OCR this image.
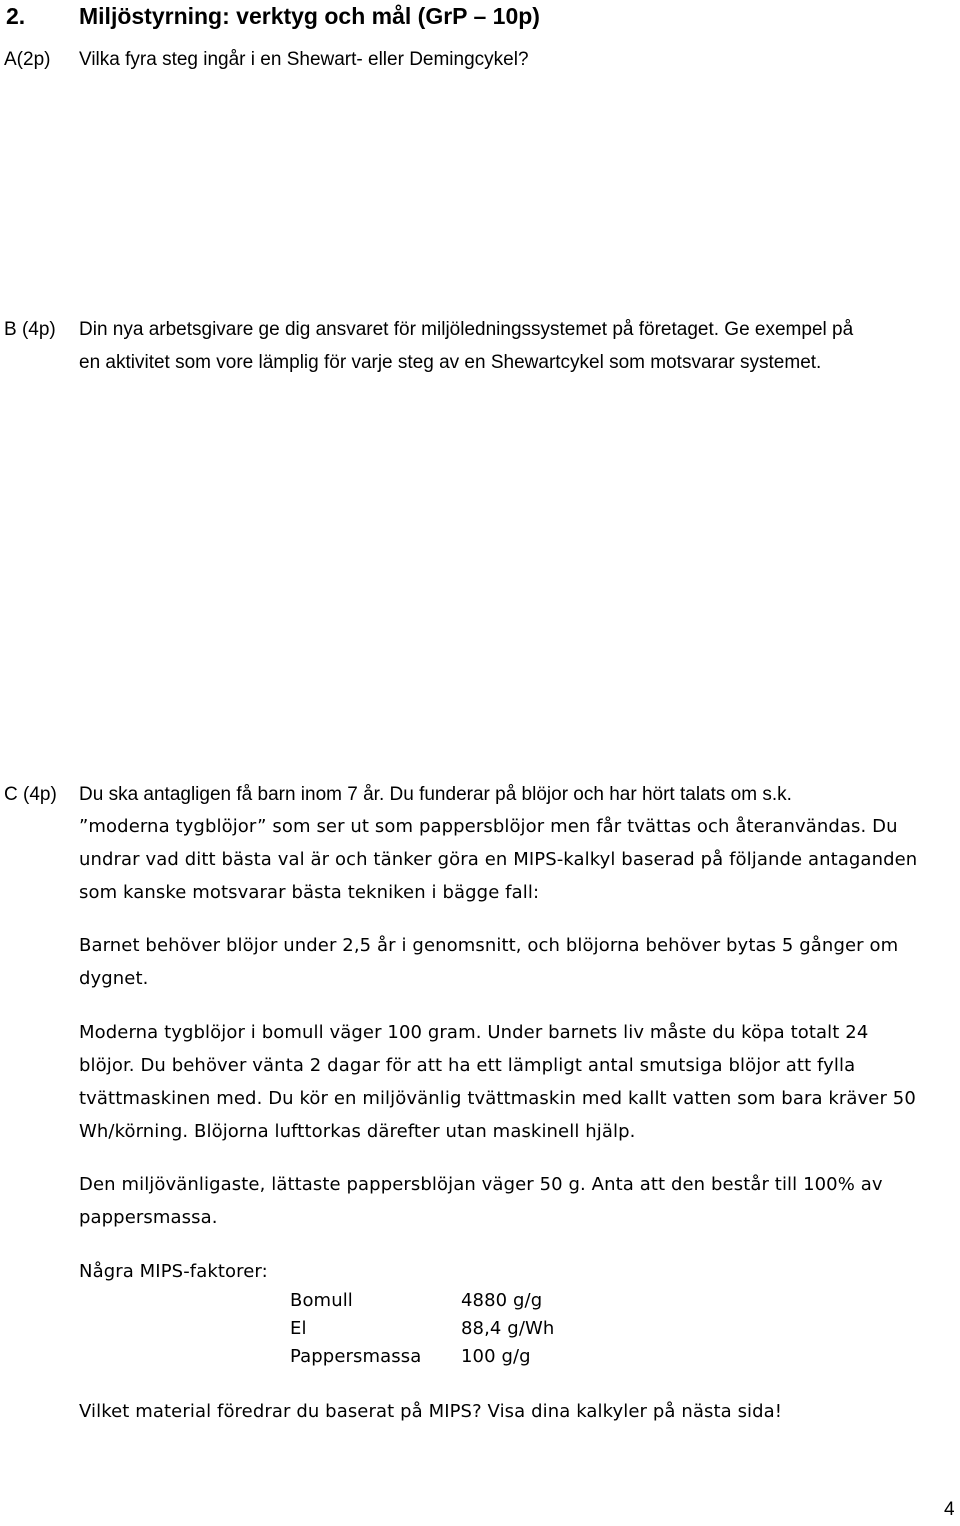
2. Miljöstyrning: verktyg och mål (GrP – 10p)
A(2p) Vilka fyra steg ingår i en Shewart- eller Demingcykel?
B (4p) Din nya arbetsgivare ge dig ansvaret för miljöledningssystemet på företaget. Ge exempel på
en aktivitet som vore lämplig för varje steg av en Shewartcykel som motsvarar systemet.
C (4p) Du ska antagligen få barn inom 7 år. Du funderar på blöjor och har hört talats om s.k.
”moderna tygblöjor” som ser ut som pappersblöjor men får tvättas och återanvändas. Du
undrar vad ditt bästa val är och tänker göra en MIPS-kalkyl baserad på följande antaganden
som kanske motsvarar bästa tekniken i bägge fall:
Barnet behöver blöjor under 2,5 år i genomsnitt, och blöjorna behöver bytas 5 gånger om
dygnet.
Moderna tygblöjor i bomull väger 100 gram. Under barnets liv måste du köpa totalt 24
blöjor. Du behöver vänta 2 dagar för att ha ett lämpligt antal smutsiga blöjor att fylla
tvättmaskinen med. Du kör en miljövänlig tvättmaskin med kallt vatten som bara kräver 50
Wh/körning. Blöjorna lufttorkas därefter utan maskinell hjälp.
Den miljövänligaste, lättaste pappersblöjan väger 50 g. Anta att den består till 100% av
pappersmassa.
Några MIPS-faktorer:
Bomull	4880 g/g
El	88,4 g/Wh
Pappersmassa 100 g/g
Vilket material föredrar du baserat på MIPS? Visa dina kalkyler på nästa sida!
4
